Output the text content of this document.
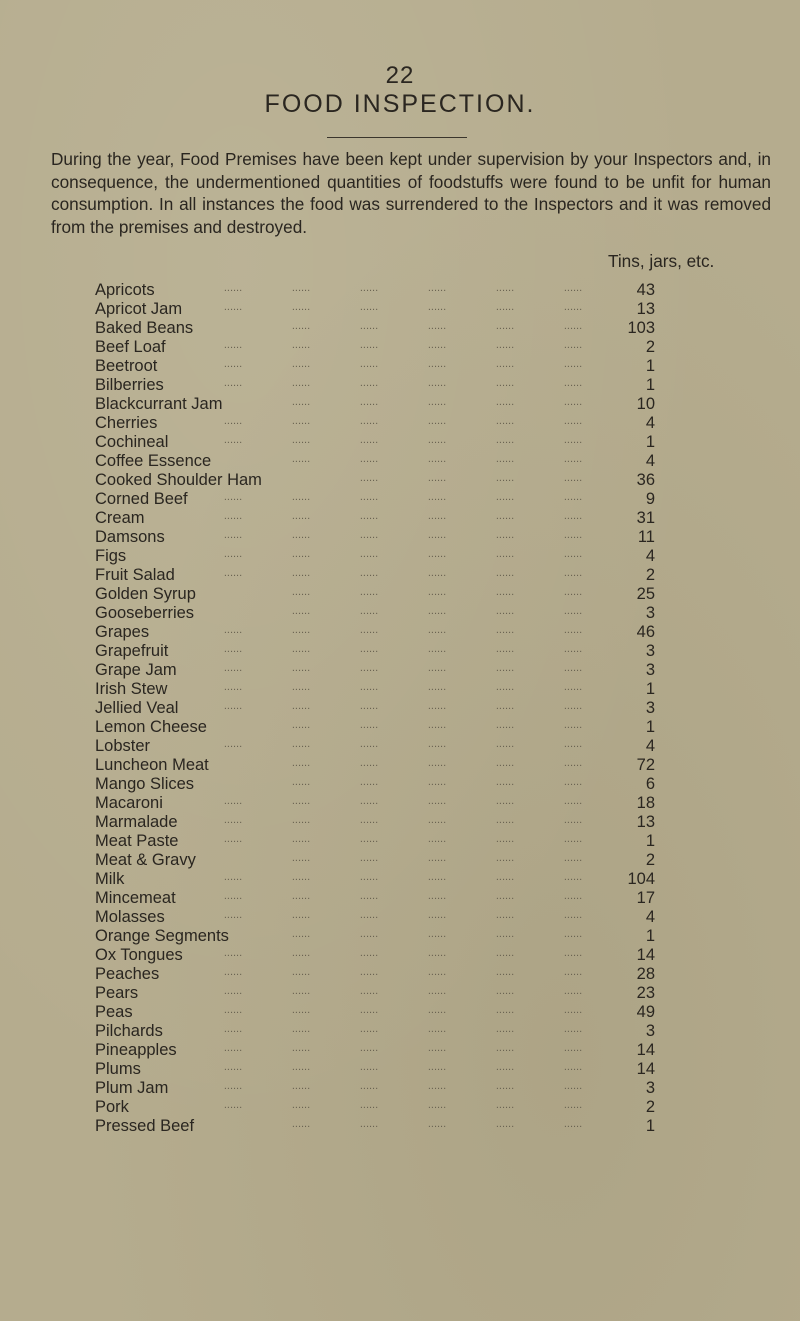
22
FOOD INSPECTION.

During the year, Food Premises have been kept under supervision by your Inspectors and, in consequence, the undermentioned quantities of foodstuffs were found to be unfit for human consumption. In all instances the food was surrendered to the Inspectors and it was removed from the premises and destroyed.

Tins, jars, etc.
Apricots	......	......	......	......	......	......	43
Apricot Jam	......	......	......	......	......	......	13
Baked Beans	......	......	......	......	......	103
Beef Loaf	......	......	......	......	......	......	2
Beetroot	......	......	......	......	......	......	1
Bilberries	......	......	......	......	......	......	1
Blackcurrant Jam	......	......	......	......	......	10
Cherries	......	......	......	......	......	......	4
Cochineal	......	......	......	......	......	......	1
Coffee Essence	......	......	......	......	......	4
Cooked Shoulder Ham	......	......	......	......	36
Corned Beef	......	......	......	......	......	......	9
Cream	......	......	......	......	......	......	31
Damsons	......	......	......	......	......	......	11
Figs	......	......	......	......	......	......	4
Fruit Salad	......	......	......	......	......	......	2
Golden Syrup	......	......	......	......	......	25
Gooseberries	......	......	......	......	......	3
Grapes	......	......	......	......	......	......	46
Grapefruit	......	......	......	......	......	......	3
Grape Jam	......	......	......	......	......	......	3
Irish Stew	......	......	......	......	......	......	1
Jellied Veal	......	......	......	......	......	......	3
Lemon Cheese	......	......	......	......	......	1
Lobster	......	......	......	......	......	......	4
Luncheon Meat	......	......	......	......	......	72
Mango Slices	......	......	......	......	......	6
Macaroni	......	......	......	......	......	......	18
Marmalade	......	......	......	......	......	......	13
Meat Paste	......	......	......	......	......	......	1
Meat & Gravy	......	......	......	......	......	2
Milk	......	......	......	......	......	......	104
Mincemeat	......	......	......	......	......	......	17
Molasses	......	......	......	......	......	......	4
Orange Segments	......	......	......	......	......	1
Ox Tongues	......	......	......	......	......	......	14
Peaches	......	......	......	......	......	......	28
Pears	......	......	......	......	......	......	23
Peas	......	......	......	......	......	......	49
Pilchards	......	......	......	......	......	......	3
Pineapples	......	......	......	......	......	......	14
Plums	......	......	......	......	......	......	14
Plum Jam	......	......	......	......	......	......	3
Pork	......	......	......	......	......	......	2
Pressed Beef	......	......	......	......	......	1
